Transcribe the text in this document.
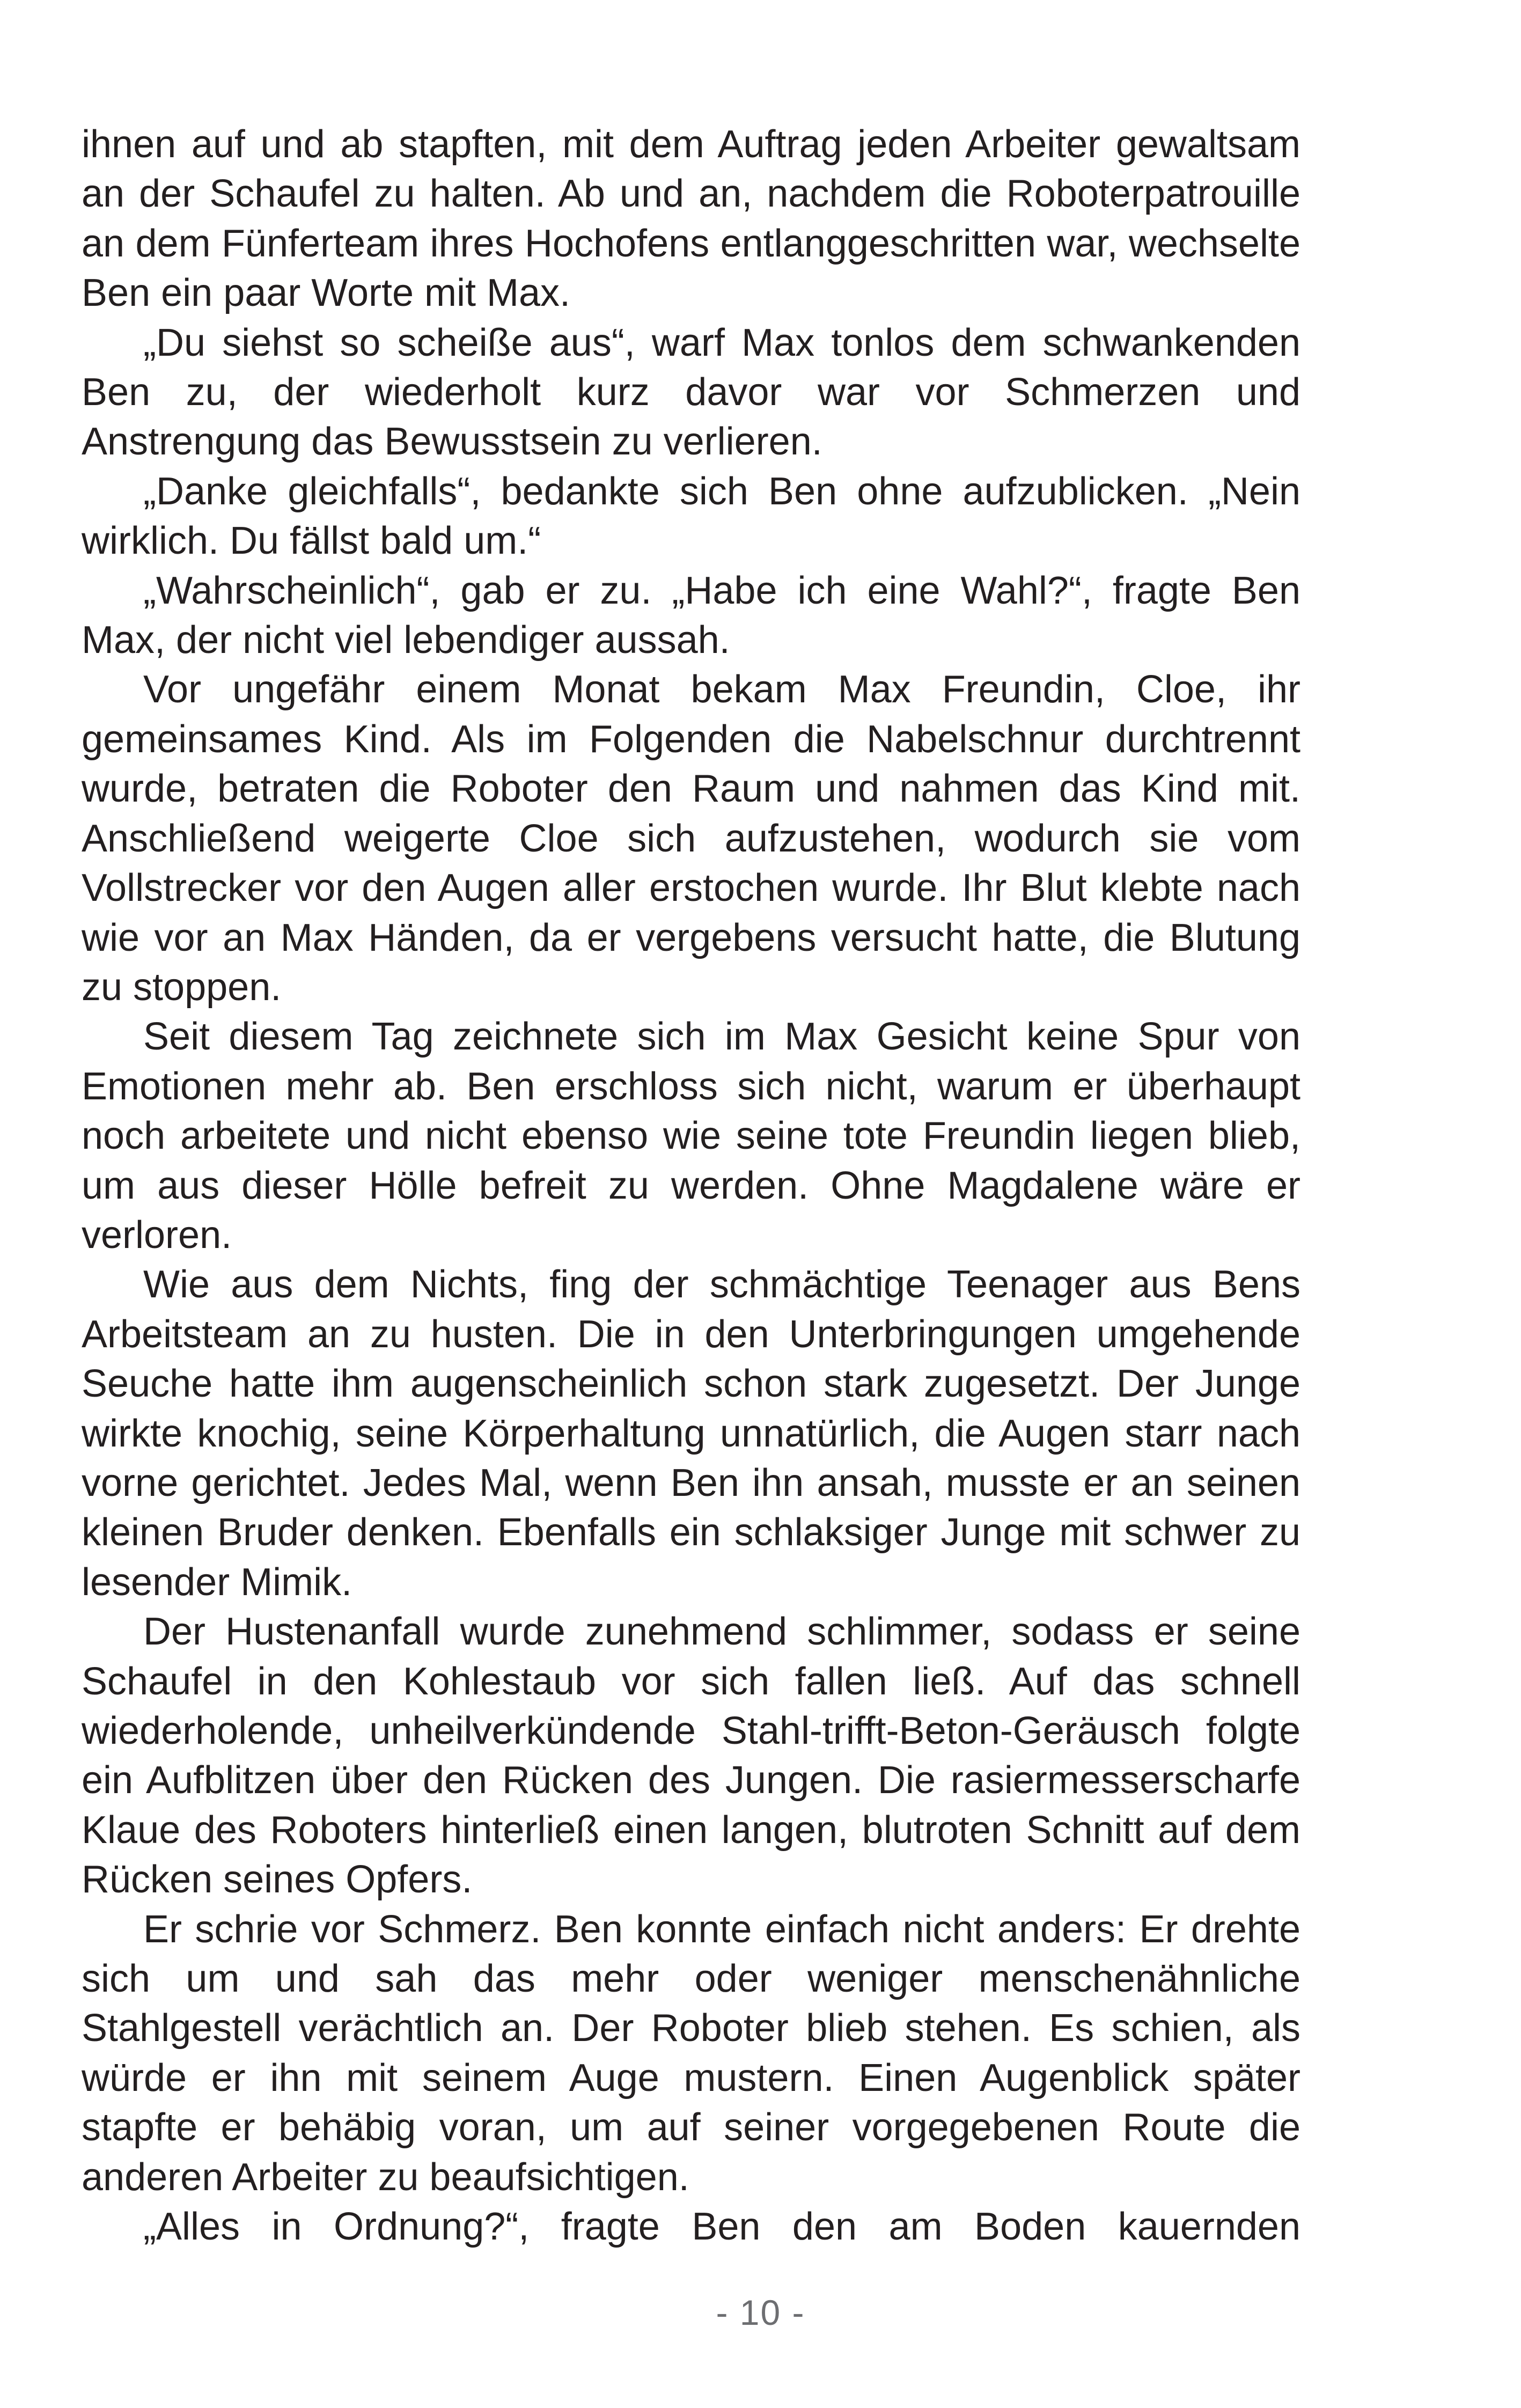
ihnen auf und ab stapften, mit dem Auftrag jeden Arbeiter gewaltsam an der Schaufel zu halten. Ab und an, nachdem die Roboterpatrouille an dem Fünferteam ihres Hochofens entlanggeschritten war, wechselte Ben ein paar Worte mit Max.

„Du siehst so scheiße aus“, warf Max tonlos dem schwankenden Ben zu, der wiederholt kurz davor war vor Schmerzen und Anstrengung das Bewusstsein zu verlieren.

„Danke gleichfalls“, bedankte sich Ben ohne aufzublicken. „Nein wirklich. Du fällst bald um.“

„Wahrscheinlich“, gab er zu. „Habe ich eine Wahl?“, fragte Ben Max, der nicht viel lebendiger aussah.

Vor ungefähr einem Monat bekam Max Freundin, Cloe, ihr gemeinsames Kind. Als im Folgenden die Nabelschnur durchtrennt wurde, betraten die Roboter den Raum und nahmen das Kind mit. Anschließend weigerte Cloe sich aufzustehen, wodurch sie vom Vollstrecker vor den Augen aller erstochen wurde. Ihr Blut klebte nach wie vor an Max Händen, da er vergebens versucht hatte, die Blutung zu stoppen.

Seit diesem Tag zeichnete sich im Max Gesicht keine Spur von Emotionen mehr ab. Ben erschloss sich nicht, warum er überhaupt noch arbeitete und nicht ebenso wie seine tote Freundin liegen blieb, um aus dieser Hölle befreit zu werden. Ohne Magdalene wäre er verloren.

Wie aus dem Nichts, fing der schmächtige Teenager aus Bens Arbeitsteam an zu husten. Die in den Unterbringungen umgehende Seuche hatte ihm augenscheinlich schon stark zugesetzt. Der Junge wirkte knochig, seine Körperhaltung unnatürlich, die Augen starr nach vorne gerichtet. Jedes Mal, wenn Ben ihn ansah, musste er an seinen kleinen Bruder denken. Ebenfalls ein schlaksiger Junge mit schwer zu lesender Mimik.

Der Hustenanfall wurde zunehmend schlimmer, sodass er seine Schaufel in den Kohlestaub vor sich fallen ließ. Auf das schnell wiederholende, unheilverkündende Stahl-trifft-Beton-Geräusch folgte ein Aufblitzen über den Rücken des Jungen. Die rasiermesserscharfe Klaue des Roboters hinterließ einen langen, blutroten Schnitt auf dem Rücken seines Opfers.

Er schrie vor Schmerz. Ben konnte einfach nicht anders: Er drehte sich um und sah das mehr oder weniger menschenähnliche Stahlgestell verächtlich an. Der Roboter blieb stehen. Es schien, als würde er ihn mit seinem Auge mustern. Einen Augenblick später stapfte er behäbig voran, um auf seiner vorgegebenen Route die anderen Arbeiter zu beaufsichtigen.

„Alles in Ordnung?“, fragte Ben den am Boden kauernden

- 10 -
